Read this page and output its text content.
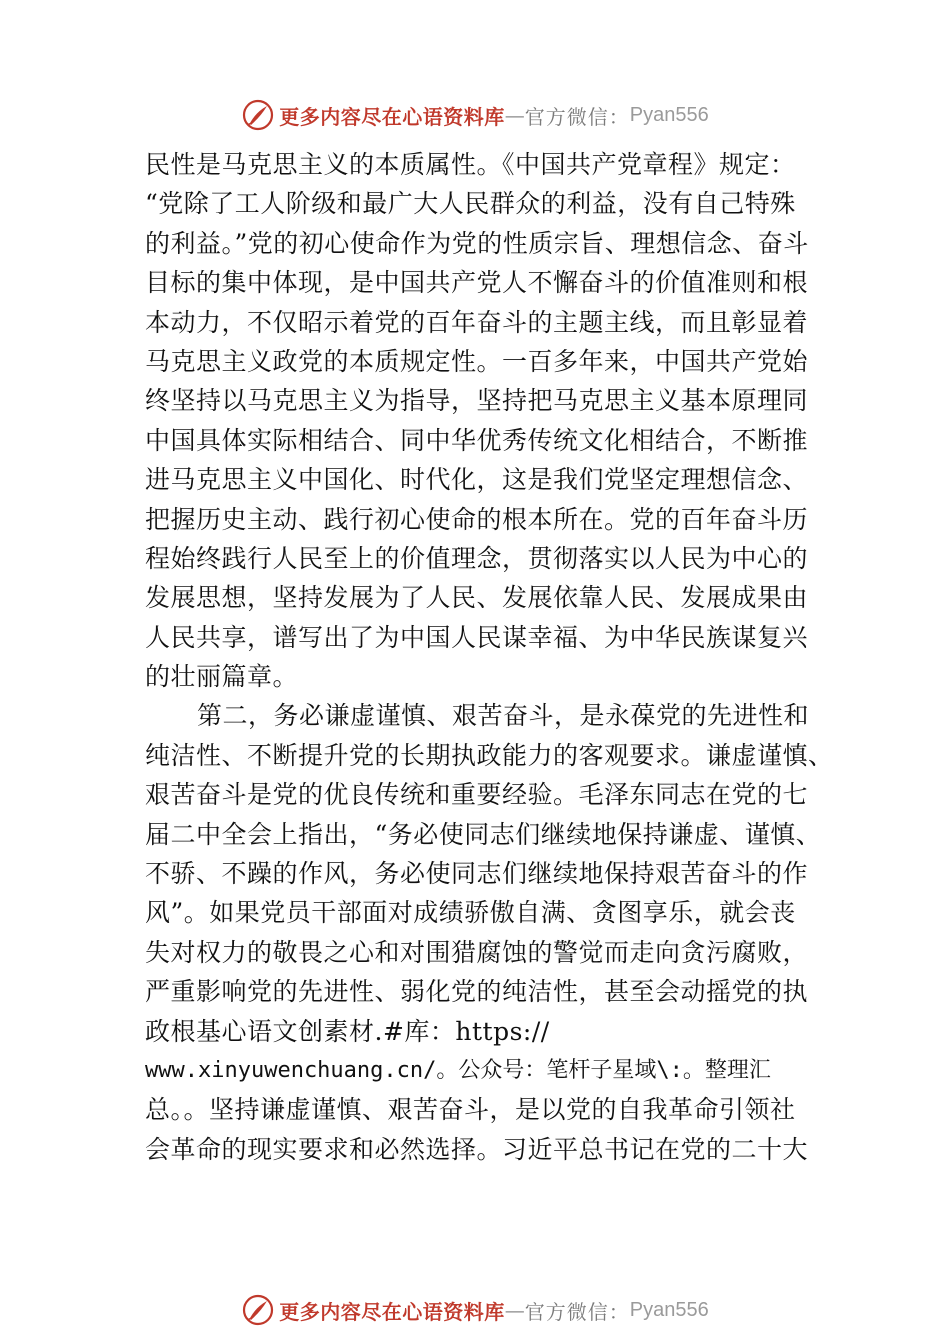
更多内容尽在心语资料库 — 官方微信： Pyan556
民性是马克思主义的本质属性。《中国共产党章程》规定：
“党除了工人阶级和最广大人民群众的利益，没有自己特殊
的利益。”党的初心使命作为党的性质宗旨、理想信念、奋斗
目标的集中体现，是中国共产党人不懈奋斗的价值准则和根
本动力，不仅昭示着党的百年奋斗的主题主线，而且彰显着
马克思主义政党的本质规定性。一百多年来，中国共产党始
终坚持以马克思主义为指导，坚持把马克思主义基本原理同
中国具体实际相结合、同中华优秀传统文化相结合，不断推
进马克思主义中国化、时代化，这是我们党坚定理想信念、
把握历史主动、践行初心使命的根本所在。党的百年奋斗历
程始终践行人民至上的价值理念，贯彻落实以人民为中心的
发展思想，坚持发展为了人民、发展依靠人民、发展成果由
人民共享，谱写出了为中国人民谋幸福、为中华民族谋复兴
的壮丽篇章。
第二，务必谦虚谨慎、艰苦奋斗，是永葆党的先进性和
纯洁性、不断提升党的长期执政能力的客观要求。谦虚谨慎、
艰苦奋斗是党的优良传统和重要经验。毛泽东同志在党的七
届二中全会上指出，“务必使同志们继续地保持谦虚、谨慎、
不骄、不躁的作风，务必使同志们继续地保持艰苦奋斗的作
风”。如果党员干部面对成绩骄傲自满、贪图享乐，就会丧
失对权力的敬畏之心和对围猎腐蚀的警觉而走向贪污腐败，
严重影响党的先进性、弱化党的纯洁性，甚至会动摇党的执
政根基心语文创素材.#库：https://
www.xinyuwenchuang.cn/。公众号：笔杆子星域\:。整理汇
总。。坚持谦虚谨慎、艰苦奋斗，是以党的自我革命引领社
会革命的现实要求和必然选择。习近平总书记在党的二十大
更多内容尽在心语资料库 — 官方微信： Pyan556
